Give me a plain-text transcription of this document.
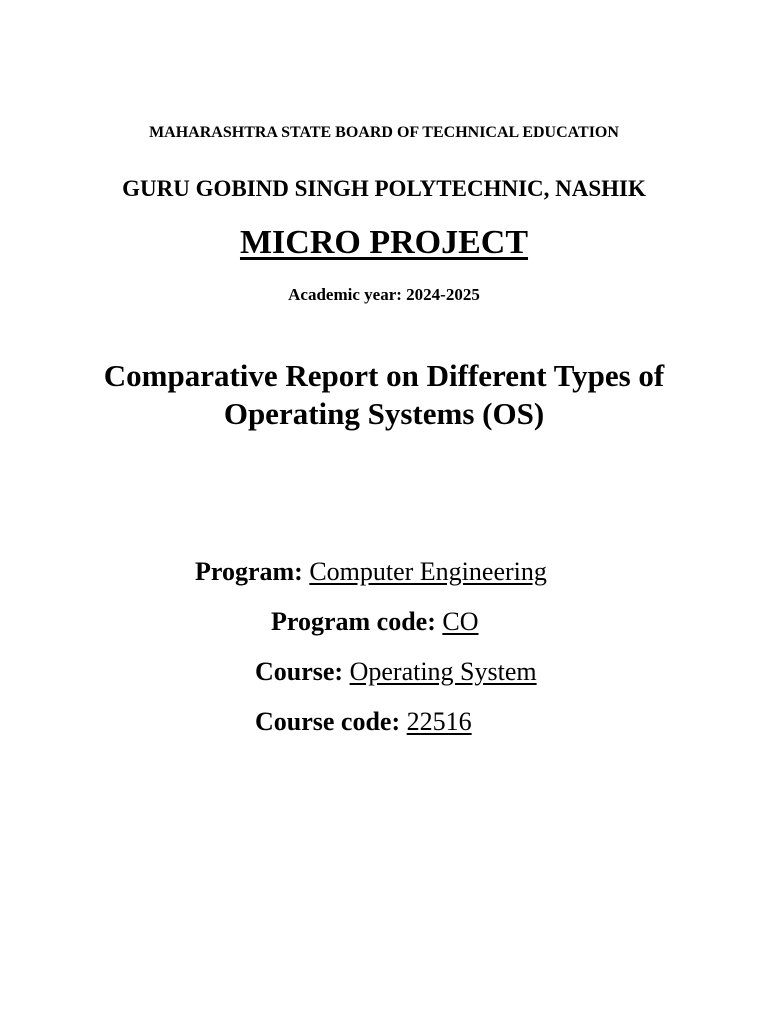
MAHARASHTRA STATE BOARD OF TECHNICAL EDUCATION
GURU GOBIND SINGH POLYTECHNIC, NASHIK
MICRO PROJECT
Academic year: 2024-2025
Comparative Report on Different Types of Operating Systems (OS)
Program: Computer Engineering
Program code: CO
Course: Operating System
Course code: 22516
